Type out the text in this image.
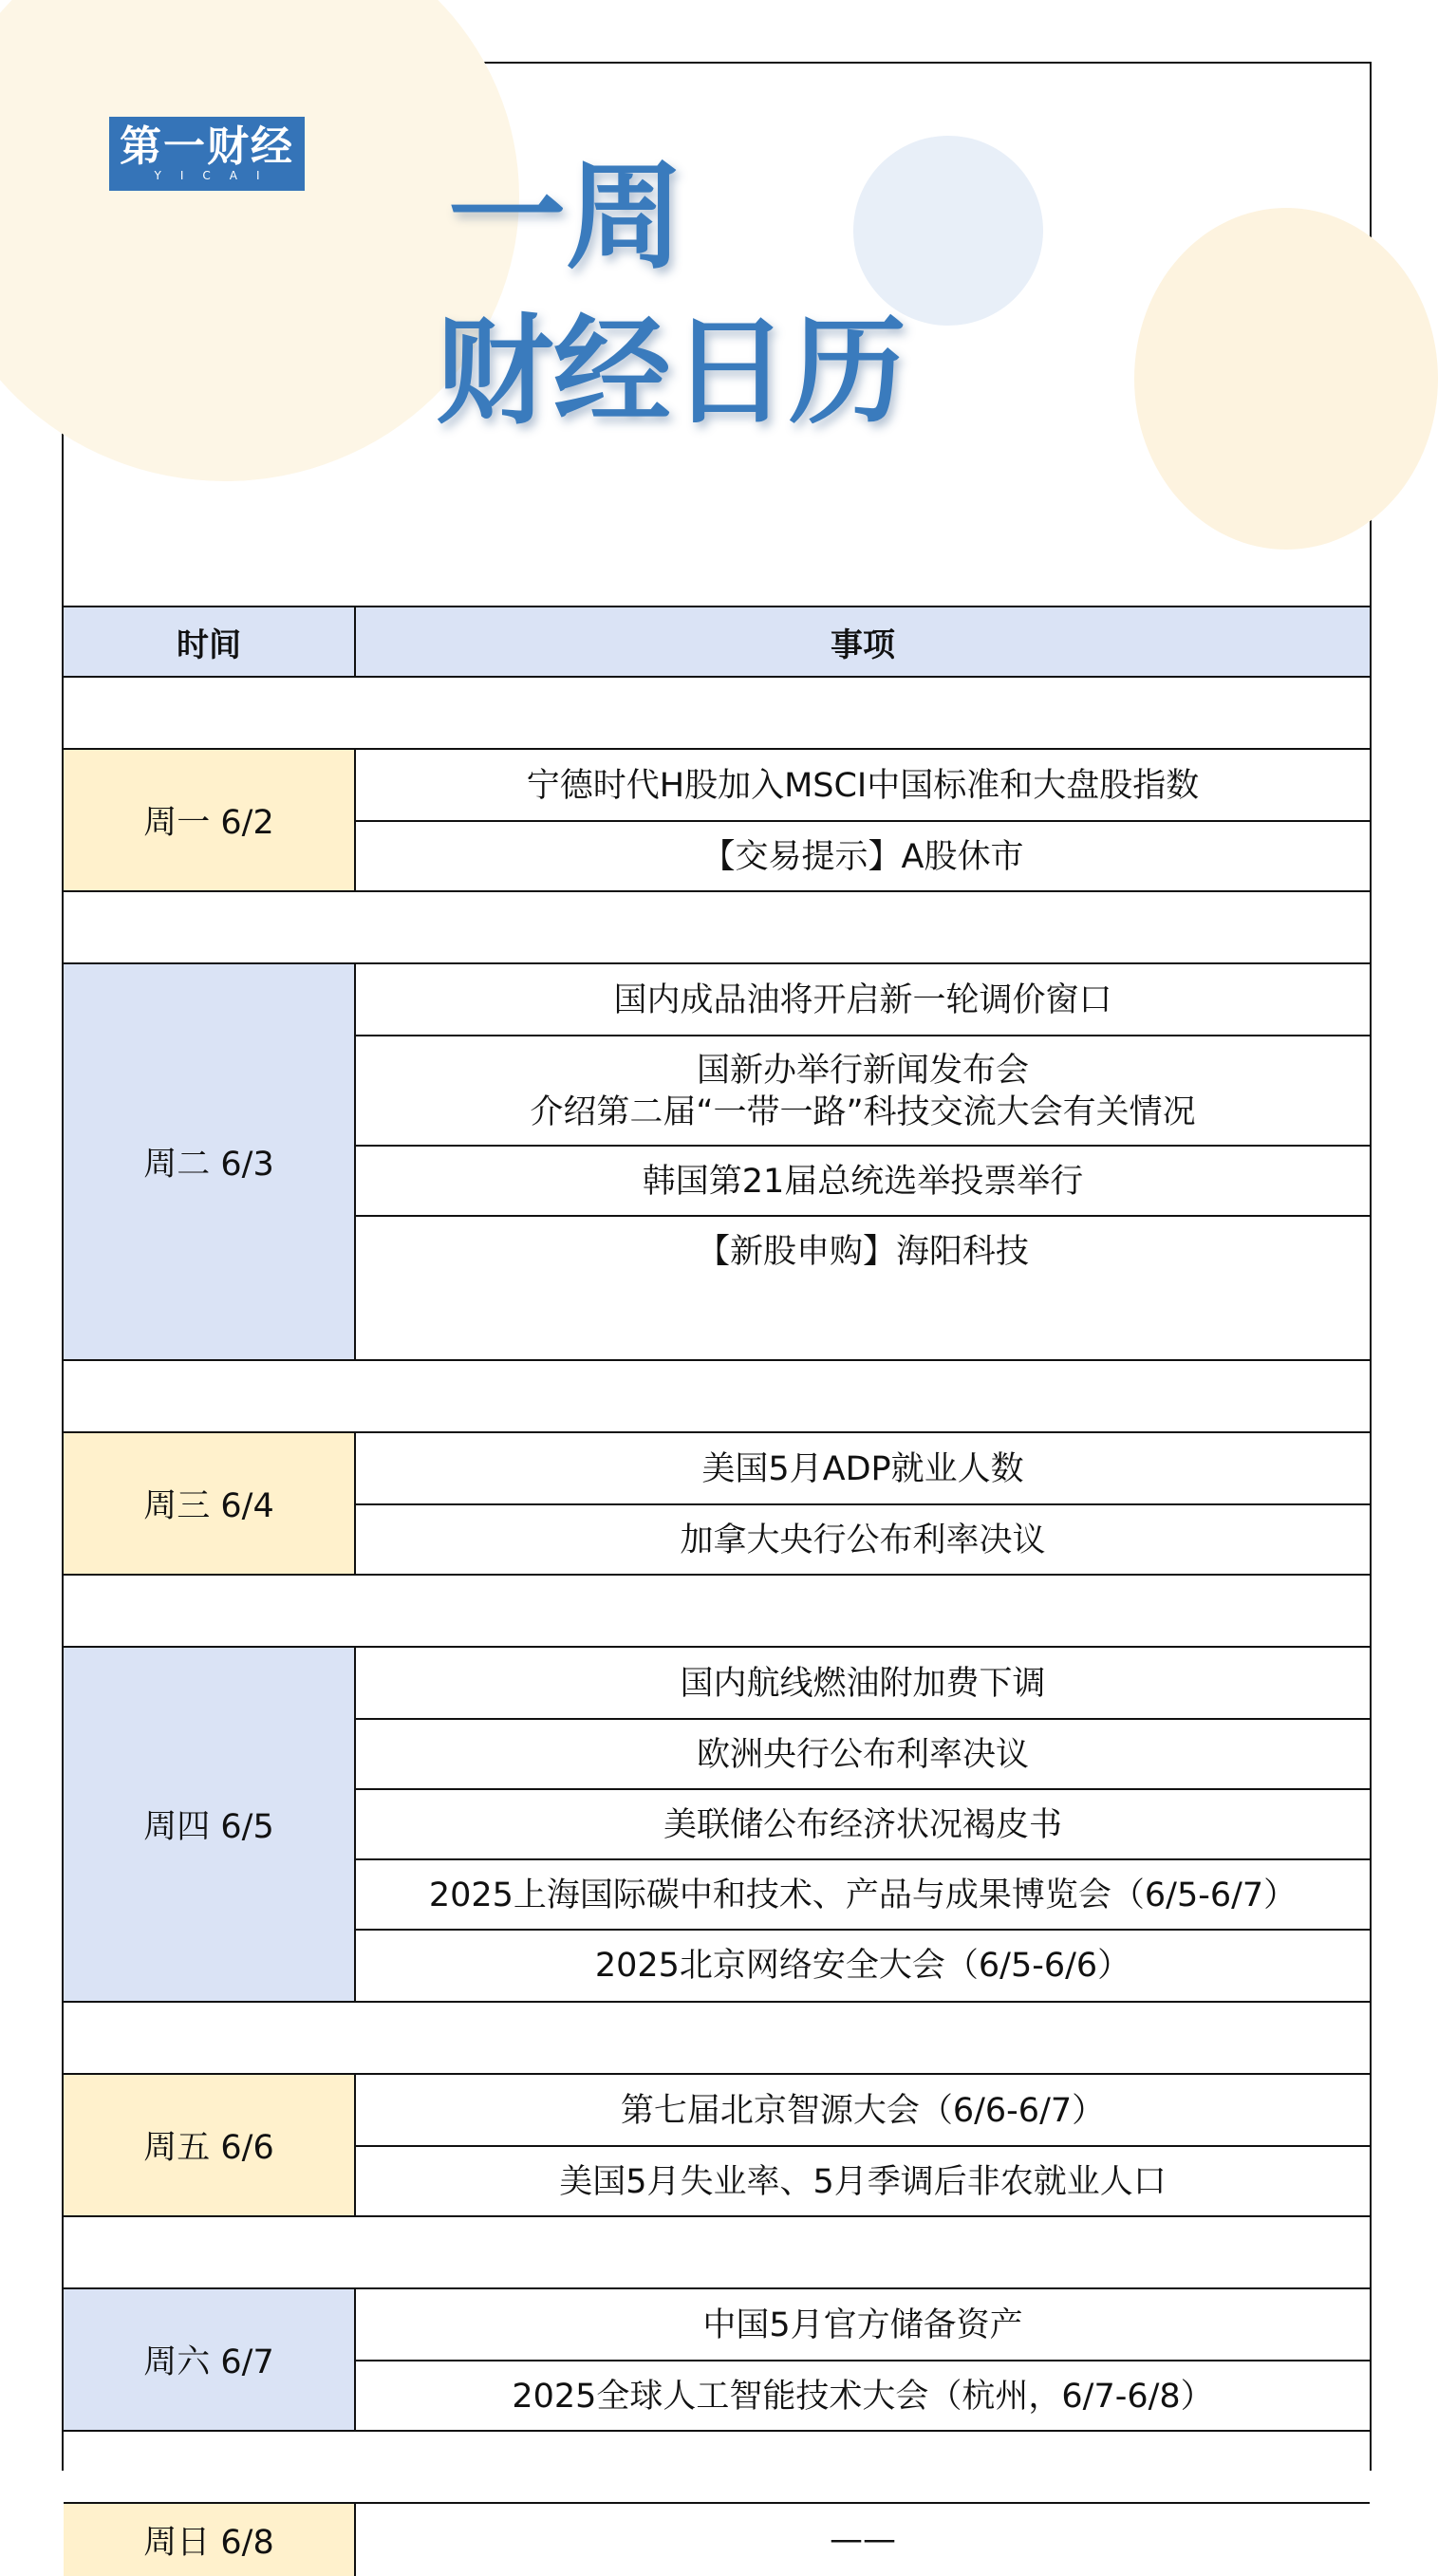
第一财经
YICAI 一周
财经日历
时间	事项
周一 6/2
宁德时代H股加入MSCI中国标准和大盘股指数
【交易提示】A股休市
周二 6/3
国内成品油将开启新一轮调价窗口
国新办举行新闻发布会
介绍第二届“一带一路”科技交流大会有关情况
韩国第21届总统选举投票举行
【新股申购】海阳科技
周三 6/4
美国5月ADP就业人数
加拿大央行公布利率决议
周四 6/5
国内航线燃油附加费下调
欧洲央行公布利率决议
美联储公布经济状况褐皮书
2025上海国际碳中和技术、产品与成果博览会（6/5-6/7）
2025北京网络安全大会（6/5-6/6）
周五 6/6
第七届北京智源大会（6/6-6/7）
美国5月失业率、5月季调后非农就业人口
周六 6/7
中国5月官方储备资产
2025全球人工智能技术大会（杭州，6/7-6/8）
周日 6/8	——
